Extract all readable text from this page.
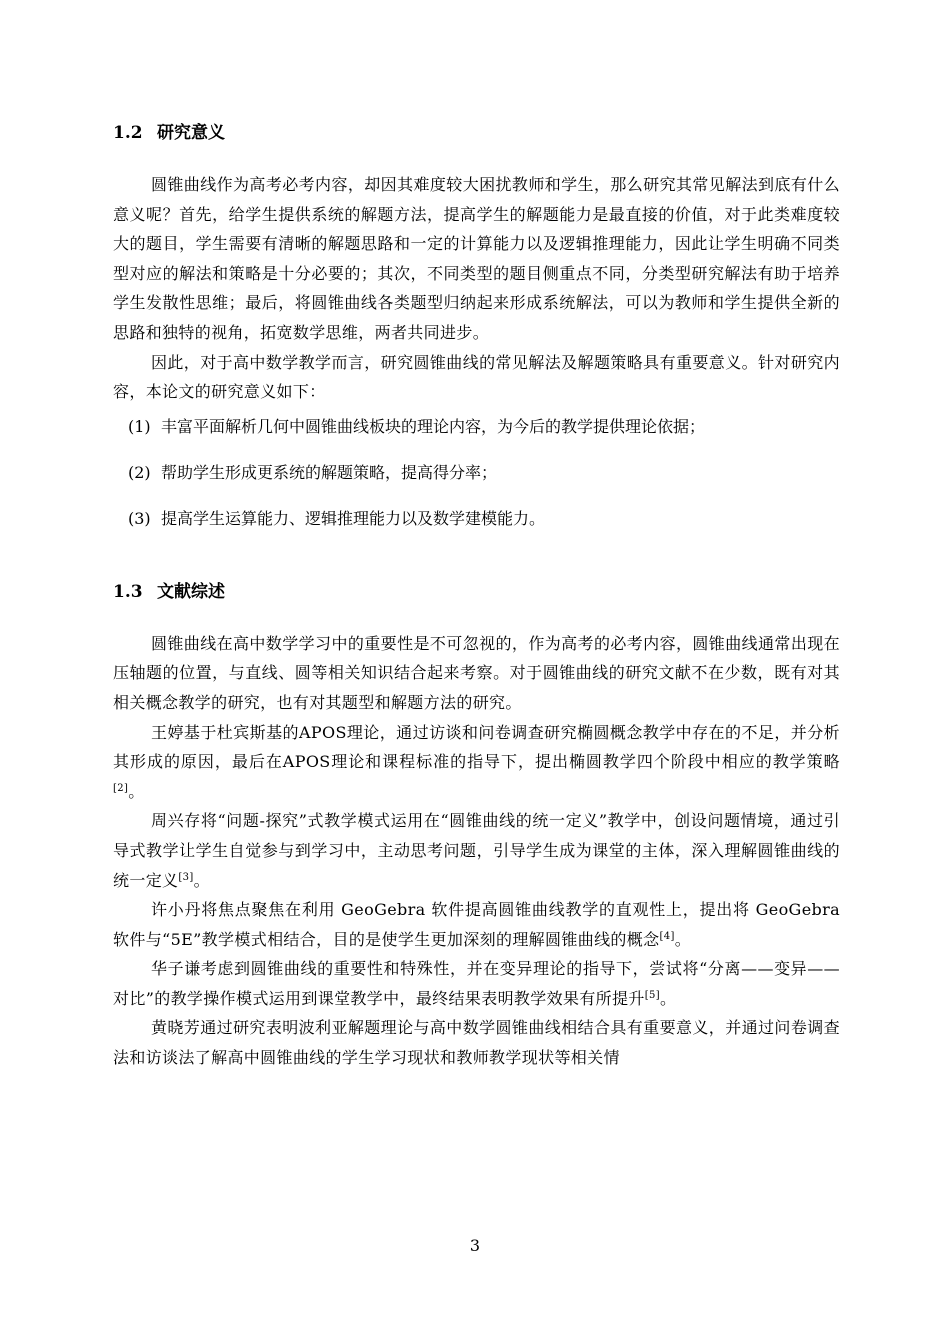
1.2 研究意义

圆锥曲线作为高考必考内容，却因其难度较大困扰教师和学生，那么研究其常见解法到底有什么意义呢？首先，给学生提供系统的解题方法，提高学生的解题能力是最直接的价值，对于此类难度较大的题目，学生需要有清晰的解题思路和一定的计算能力以及逻辑推理能力，因此让学生明确不同类型对应的解法和策略是十分必要的；其次，不同类型的题目侧重点不同，分类型研究解法有助于培养学生发散性思维；最后，将圆锥曲线各类题型归纳起来形成系统解法，可以为教师和学生提供全新的思路和独特的视角，拓宽数学思维，两者共同进步。

因此，对于高中数学教学而言，研究圆锥曲线的常见解法及解题策略具有重要意义。针对研究内容，本论文的研究意义如下：

(1) 丰富平面解析几何中圆锥曲线板块的理论内容，为今后的教学提供理论依据；
(2) 帮助学生形成更系统的解题策略，提高得分率；
(3) 提高学生运算能力、逻辑推理能力以及数学建模能力。
1.3 文献综述

圆锥曲线在高中数学学习中的重要性是不可忽视的，作为高考的必考内容，圆锥曲线通常出现在压轴题的位置，与直线、圆等相关知识结合起来考察。对于圆锥曲线的研究文献不在少数，既有对其相关概念教学的研究，也有对其题型和解题方法的研究。

王婷基于杜宾斯基的APOS理论，通过访谈和问卷调查研究椭圆概念教学中存在的不足，并分析其形成的原因，最后在APOS理论和课程标准的指导下，提出椭圆教学四个阶段中相应的教学策略[2]。

周兴存将“问题-探究”式教学模式运用在“圆锥曲线的统一定义”教学中，创设问题情境，通过引导式教学让学生自觉参与到学习中，主动思考问题，引导学生成为课堂的主体，深入理解圆锥曲线的统一定义[3]。

许小丹将焦点聚焦在利用 GeoGebra 软件提高圆锥曲线教学的直观性上，提出将 GeoGebra 软件与“5E”教学模式相结合，目的是使学生更加深刻的理解圆锥曲线的概念[4]。

华子谦考虑到圆锥曲线的重要性和特殊性，并在变异理论的指导下，尝试将“分离——变异——对比”的教学操作模式运用到课堂教学中，最终结果表明教学效果有所提升[5]。

黄晓芳通过研究表明波利亚解题理论与高中数学圆锥曲线相结合具有重要意义，并通过问卷调查法和访谈法了解高中圆锥曲线的学生学习现状和教师教学现状等相关情

3
